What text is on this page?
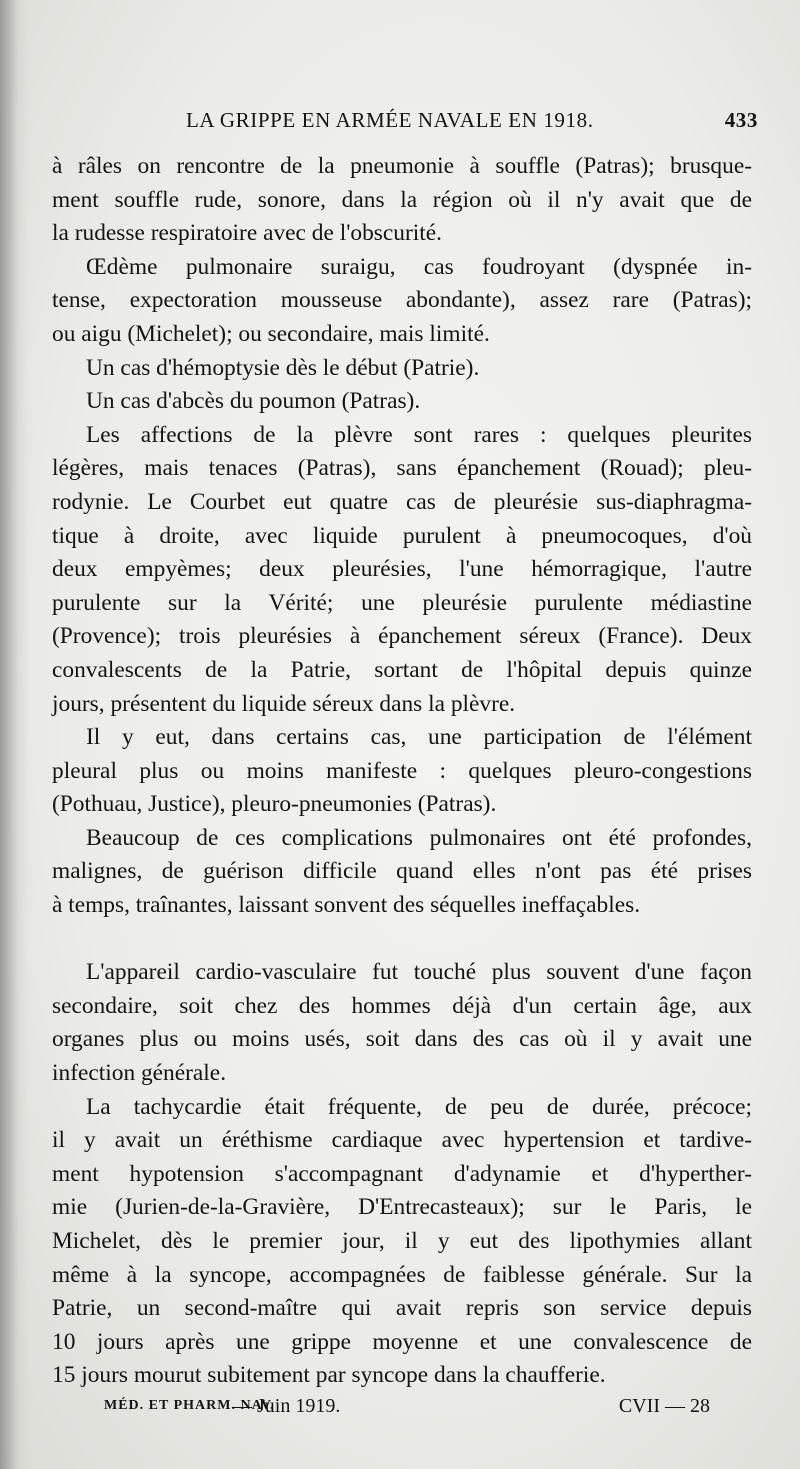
LA GRIPPE EN ARMÉE NAVALE EN 1918.	433
à râles on rencontre de la pneumonie à souffle (Patras); brusque-
ment souffle rude, sonore, dans la région où il n'y avait que de
la rudesse respiratoire avec de l'obscurité.
Œdème pulmonaire suraigu, cas foudroyant (dyspnée in-
tense, expectoration mousseuse abondante), assez rare (Patras);
ou aigu (Michelet); ou secondaire, mais limité.
Un cas d'hémoptysie dès le début (Patrie).
Un cas d'abcès du poumon (Patras).
Les affections de la plèvre sont rares : quelques pleurites
légères, mais tenaces (Patras), sans épanchement (Rouad); pleu-
rodynie. Le Courbet eut quatre cas de pleurésie sus-diaphragma-
tique à droite, avec liquide purulent à pneumocoques, d'où
deux empyèmes; deux pleurésies, l'une hémorragique, l'autre
purulente sur la Vérité; une pleurésie purulente médiastine
(Provence); trois pleurésies à épanchement séreux (France). Deux
convalescents de la Patrie, sortant de l'hôpital depuis quinze
jours, présentent du liquide séreux dans la plèvre.
Il y eut, dans certains cas, une participation de l'élément
pleural plus ou moins manifeste : quelques pleuro-congestions
(Pothuau, Justice), pleuro-pneumonies (Patras).
Beaucoup de ces complications pulmonaires ont été profondes,
malignes, de guérison difficile quand elles n'ont pas été prises
à temps, traînantes, laissant sonvent des séquelles ineffaçables.
L'appareil cardio-vasculaire fut touché plus souvent d'une façon
secondaire, soit chez des hommes déjà d'un certain âge, aux
organes plus ou moins usés, soit dans des cas où il y avait une
infection générale.
La tachycardie était fréquente, de peu de durée, précoce;
il y avait un éréthisme cardiaque avec hypertension et tardive-
ment hypotension s'accompagnant d'adynamie et d'hyperther-
mie (Jurien-de-la-Gravière, D'Entrecasteaux); sur le Paris, le
Michelet, dès le premier jour, il y eut des lipothymies allant
même à la syncope, accompagnées de faiblesse générale. Sur la
Patrie, un second-maître qui avait repris son service depuis
10 jours après une grippe moyenne et une convalescence de
15 jours mourut subitement par syncope dans la chaufferie.
MÉD. ET PHARM. NAV.
— Juin 1919.	CVII — 28
